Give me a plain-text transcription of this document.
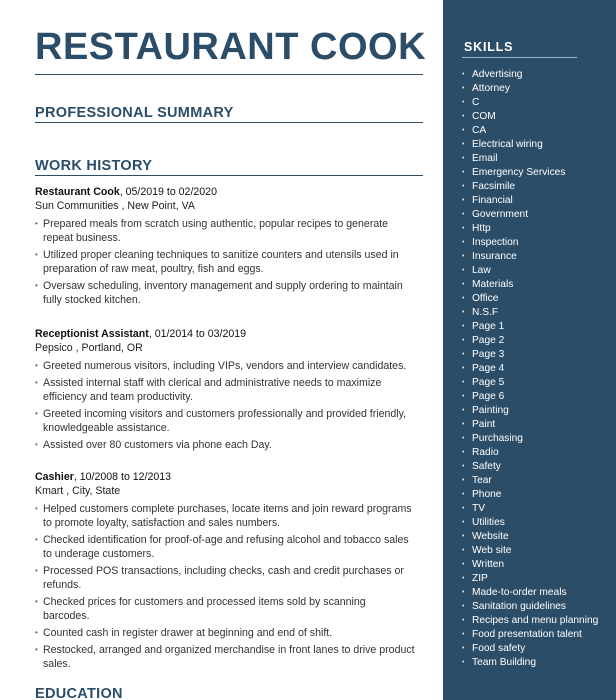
RESTAURANT COOK
PROFESSIONAL SUMMARY
WORK HISTORY
Restaurant Cook, 05/2019 to 02/2020
Sun Communities , New Point, VA
• Prepared meals from scratch using authentic, popular recipes to generate repeat business.
• Utilized proper cleaning techniques to sanitize counters and utensils used in preparation of raw meat, poultry, fish and eggs.
• Oversaw scheduling, inventory management and supply ordering to maintain fully stocked kitchen.
Receptionist Assistant, 01/2014 to 03/2019
Pepsico , Portland, OR
• Greeted numerous visitors, including VIPs, vendors and interview candidates.
• Assisted internal staff with clerical and administrative needs to maximize efficiency and team productivity.
• Greeted incoming visitors and customers professionally and provided friendly, knowledgeable assistance.
• Assisted over 80 customers via phone each Day.
Cashier, 10/2008 to 12/2013
Kmart , City, State
• Helped customers complete purchases, locate items and join reward programs to promote loyalty, satisfaction and sales numbers.
• Checked identification for proof-of-age and refusing alcohol and tobacco sales to underage customers.
• Processed POS transactions, including checks, cash and credit purchases or refunds.
• Checked prices for customers and processed items sold by scanning barcodes.
• Counted cash in register drawer at beginning and end of shift.
• Restocked, arranged and organized merchandise in front lanes to drive product sales.
EDUCATION
SKILLS
• Advertising
• Attorney
• C
• COM
• CA
• Electrical wiring
• Email
• Emergency Services
• Facsimile
• Financial
• Government
• Http
• Inspection
• Insurance
• Law
• Materials
• Office
• N.S.F
• Page 1
• Page 2
• Page 3
• Page 4
• Page 5
• Page 6
• Painting
• Paint
• Purchasing
• Radio
• Safety
• Tear
• Phone
• TV
• Utilities
• Website
• Web site
• Written
• ZIP
• Made-to-order meals
• Sanitation guidelines
• Recipes and menu planning
• Food presentation talent
• Food safety
• Team Building
